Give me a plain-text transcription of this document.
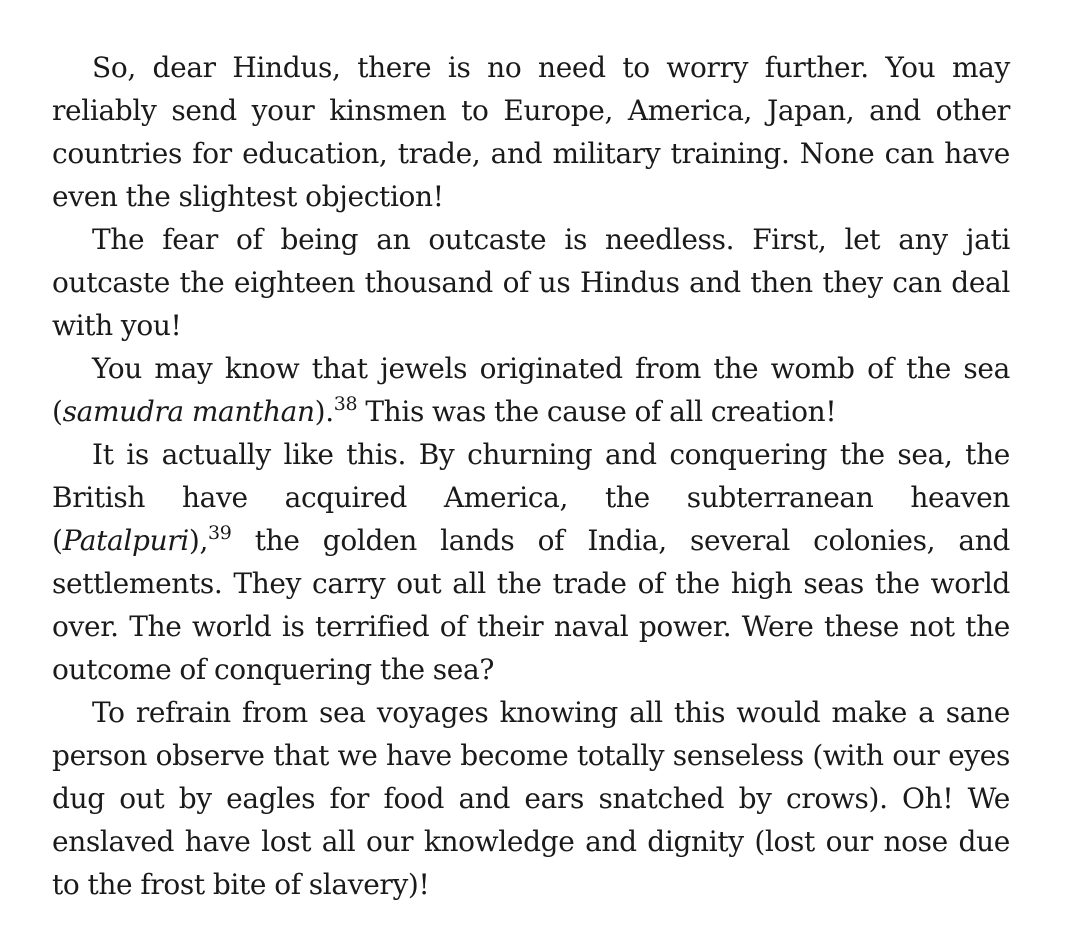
So, dear Hindus, there is no need to worry further. You may reliably send your kinsmen to Europe, America, Japan, and other countries for education, trade, and military training. None can have even the slightest objection!

The fear of being an outcaste is needless. First, let any jati outcaste the eighteen thousand of us Hindus and then they can deal with you!

You may know that jewels originated from the womb of the sea (samudra manthan).$^{38}$ This was the cause of all creation!

It is actually like this. By churning and conquering the sea, the British have acquired America, the subterranean heaven (Patalpuri),$^{39}$ the golden lands of India, several colonies, and settlements. They carry out all the trade of the high seas the world over. The world is terrified of their naval power. Were these not the outcome of conquering the sea?

To refrain from sea voyages knowing all this would make a sane person observe that we have become totally senseless (with our eyes dug out by eagles for food and ears snatched by crows). Oh! We enslaved have lost all our knowledge and dignity (lost our nose due to the frost bite of slavery)!
